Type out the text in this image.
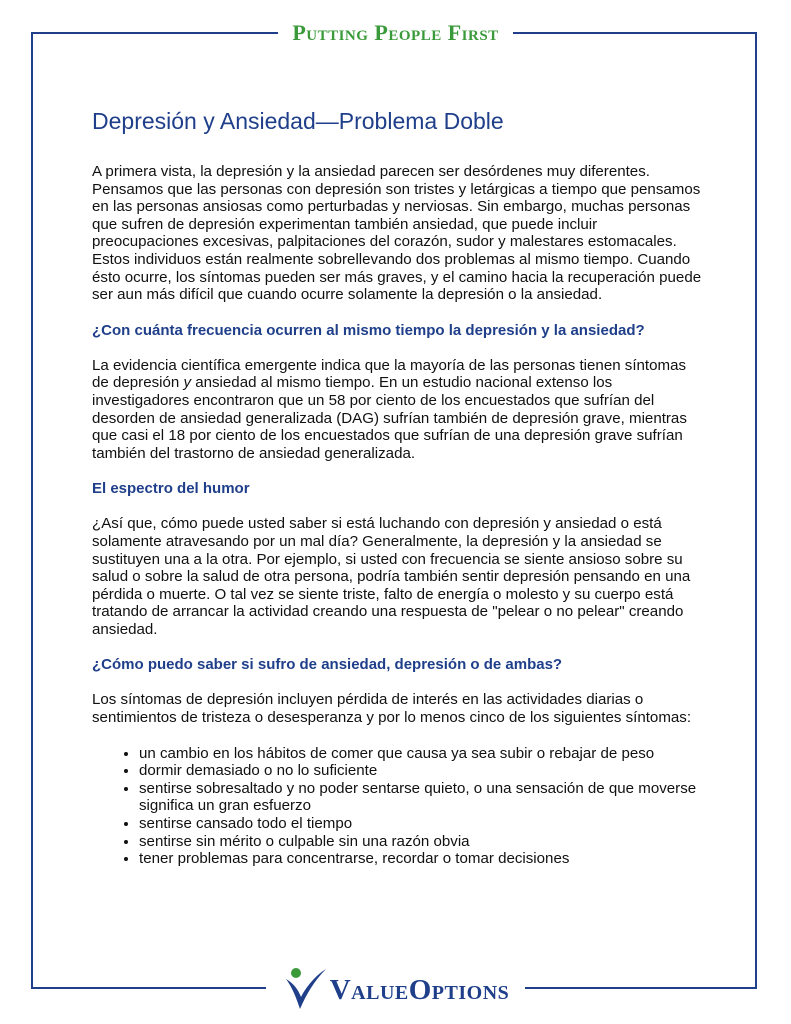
Putting People First
Depresión y Ansiedad—Problema Doble

A primera vista, la depresión y la ansiedad parecen ser desórdenes muy diferentes. Pensamos que las personas con depresión son tristes y letárgicas a tiempo que pensamos en las personas ansiosas como perturbadas y nerviosas. Sin embargo, muchas personas que sufren de depresión experimentan también ansiedad, que puede incluir preocupaciones excesivas, palpitaciones del corazón, sudor y malestares estomacales. Estos individuos están realmente sobrellevando dos problemas al mismo tiempo. Cuando ésto ocurre, los síntomas pueden ser más graves, y el camino hacia la recuperación puede ser aun más difícil que cuando ocurre solamente la depresión o la ansiedad.

¿Con cuánta frecuencia ocurren al mismo tiempo la depresión y la ansiedad?

La evidencia científica emergente indica que la mayoría de las personas tienen síntomas de depresión y ansiedad al mismo tiempo. En un estudio nacional extenso los investigadores encontraron que un 58 por ciento de los encuestados que sufrían del desorden de ansiedad generalizada (DAG) sufrían también de depresión grave, mientras que casi el 18 por ciento de los encuestados que sufrían de una depresión grave sufrían también del trastorno de ansiedad generalizada.

El espectro del humor

¿Así que, cómo puede usted saber si está luchando con depresión y ansiedad o está solamente atravesando por un mal día? Generalmente, la depresión y la ansiedad se sustituyen una a la otra. Por ejemplo, si usted con frecuencia se siente ansioso sobre su salud o sobre la salud de otra persona, podría también sentir depresión pensando en una pérdida o muerte. O tal vez se siente triste, falto de energía o molesto y su cuerpo está tratando de arrancar la actividad creando una respuesta de "pelear o no pelear" creando ansiedad.

¿Cómo puedo saber si sufro de ansiedad, depresión o de ambas?

Los síntomas de depresión incluyen pérdida de interés en las actividades diarias o sentimientos de tristeza o desesperanza y por lo menos cinco de los siguientes síntomas:

• un cambio en los hábitos de comer que causa ya sea subir o rebajar de peso
• dormir demasiado o no lo suficiente
• sentirse sobresaltado y no poder sentarse quieto, o una sensación de que moverse significa un gran esfuerzo
• sentirse cansado todo el tiempo
• sentirse sin mérito o culpable sin una razón obvia
• tener problemas para concentrarse, recordar o tomar decisiones
ValueOptions
